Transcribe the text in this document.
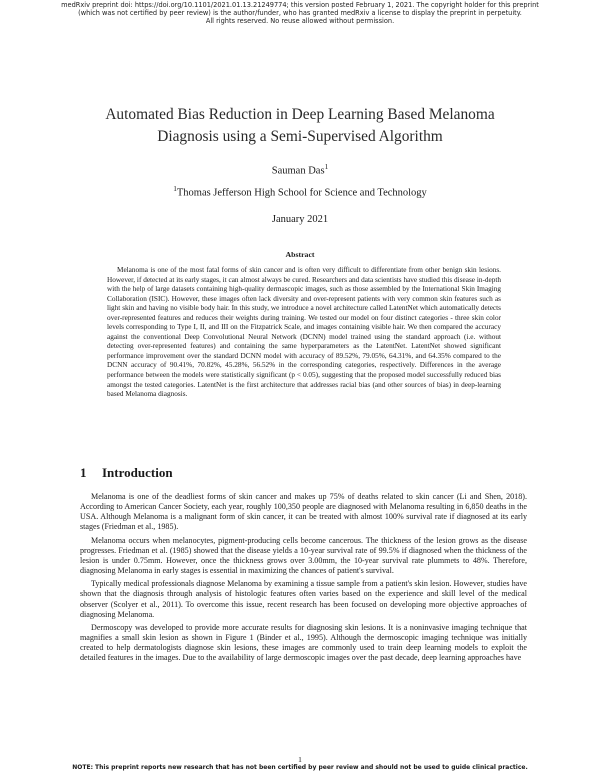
medRxiv preprint doi: https://doi.org/10.1101/2021.01.13.21249774; this version posted February 1, 2021. The copyright holder for this preprint
(which was not certified by peer review) is the author/funder, who has granted medRxiv a license to display the preprint in perpetuity.
All rights reserved. No reuse allowed without permission.
Automated Bias Reduction in Deep Learning Based Melanoma
Diagnosis using a Semi-Supervised Algorithm
Sauman Das$^1$
$^1$Thomas Jefferson High School for Science and Technology
January 2021
Abstract

Melanoma is one of the most fatal forms of skin cancer and is often very difficult to differentiate from other benign skin lesions. However, if detected at its early stages, it can almost always be cured. Researchers and data scientists have studied this disease in-depth with the help of large datasets containing high-quality dermascopic images, such as those assembled by the International Skin Imaging Collaboration (ISIC). However, these images often lack diversity and over-represent patients with very common skin features such as light skin and having no visible body hair. In this study, we introduce a novel architecture called LatentNet which automatically detects over-represented features and reduces their weights during training. We tested our model on four distinct categories - three skin color levels corresponding to Type I, II, and III on the Fitzpatrick Scale, and images containing visible hair. We then compared the accuracy against the conventional Deep Convolutional Neural Network (DCNN) model trained using the standard approach (i.e. without detecting over-represented features) and containing the same hyperparameters as the LatentNet. LatentNet showed significant performance improvement over the standard DCNN model with accuracy of 89.52%, 79.05%, 64.31%, and 64.35% compared to the DCNN accuracy of 90.41%, 70.82%, 45.28%, 56.52% in the corresponding categories, respectively. Differences in the average performance between the models were statistically significant (p < 0.05), suggesting that the proposed model successfully reduced bias amongst the tested categories. LatentNet is the first architecture that addresses racial bias (and other sources of bias) in deep-learning based Melanoma diagnosis.

1 Introduction

Melanoma is one of the deadliest forms of skin cancer and makes up 75% of deaths related to skin cancer (Li and Shen, 2018). According to American Cancer Society, each year, roughly 100,350 people are diagnosed with Melanoma resulting in 6,850 deaths in the USA. Although Melanoma is a malignant form of skin cancer, it can be treated with almost 100% survival rate if diagnosed at its early stages (Friedman et al., 1985).

Melanoma occurs when melanocytes, pigment-producing cells become cancerous. The thickness of the lesion grows as the disease progresses. Friedman et al. (1985) showed that the disease yields a 10-year survival rate of 99.5% if diagnosed when the thickness of the lesion is under 0.75mm. However, once the thickness grows over 3.00mm, the 10-year survival rate plummets to 48%. Therefore, diagnosing Melanoma in early stages is essential in maximizing the chances of patient's survival.

Typically medical professionals diagnose Melanoma by examining a tissue sample from a patient's skin lesion. However, studies have shown that the diagnosis through analysis of histologic features often varies based on the experience and skill level of the medical observer (Scolyer et al., 2011). To overcome this issue, recent research has been focused on developing more objective approaches of diagnosing Melanoma.

Dermoscopy was developed to provide more accurate results for diagnosing skin lesions. It is a noninvasive imaging technique that magnifies a small skin lesion as shown in Figure 1 (Binder et al., 1995). Although the dermoscopic imaging technique was initially created to help dermatologists diagnose skin lesions, these images are commonly used to train deep learning models to exploit the detailed features in the images. Due to the availability of large dermoscopic images over the past decade, deep learning approaches have

1
NOTE: This preprint reports new research that has not been certified by peer review and should not be used to guide clinical practice.
